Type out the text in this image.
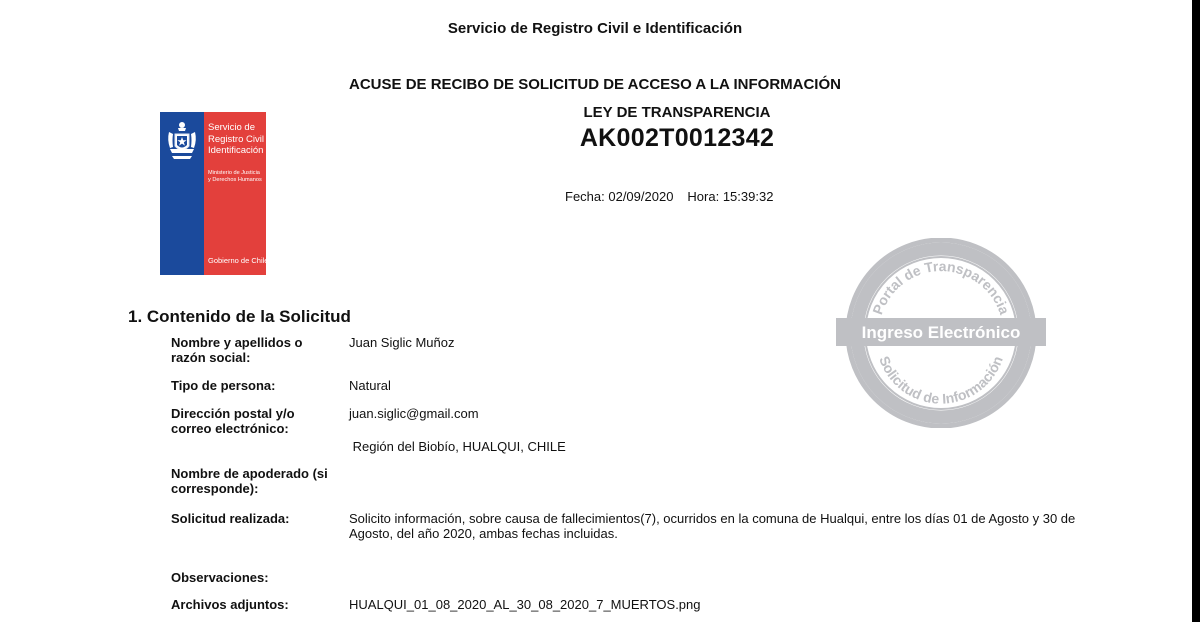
Servicio de Registro Civil e Identificación

ACUSE DE RECIBO DE SOLICITUD DE ACCESO A LA INFORMACIÓN

LEY DE TRANSPARENCIA

AK002T0012342

Fecha: 02/09/2020 Hora: 15:39:32

Servicio de
Registro Civil e
Identificación
Ministerio de Justicia
y Derechos Humanos
Gobierno de Chile
Portal de Transparencia
Ingreso Electrónico
Solicitud de Información

1. Contenido de la Solicitud

Nombre y apellidos o razón social:
Juan Siglic Muñoz
Tipo de persona:	Natural
Dirección postal y/o correo electrónico:
juan.siglic@gmail.com
Región del Biobío, HUALQUI, CHILE
Nombre de apoderado (si corresponde):
Solicitud realizada:	Solicito información, sobre causa de fallecimientos(7), ocurridos en la comuna de Hualqui, entre los días 01 de Agosto y 30 de Agosto, del año 2020, ambas fechas incluidas.
Observaciones:
Archivos adjuntos:	HUALQUI_01_08_2020_AL_30_08_2020_7_MUERTOS.png
